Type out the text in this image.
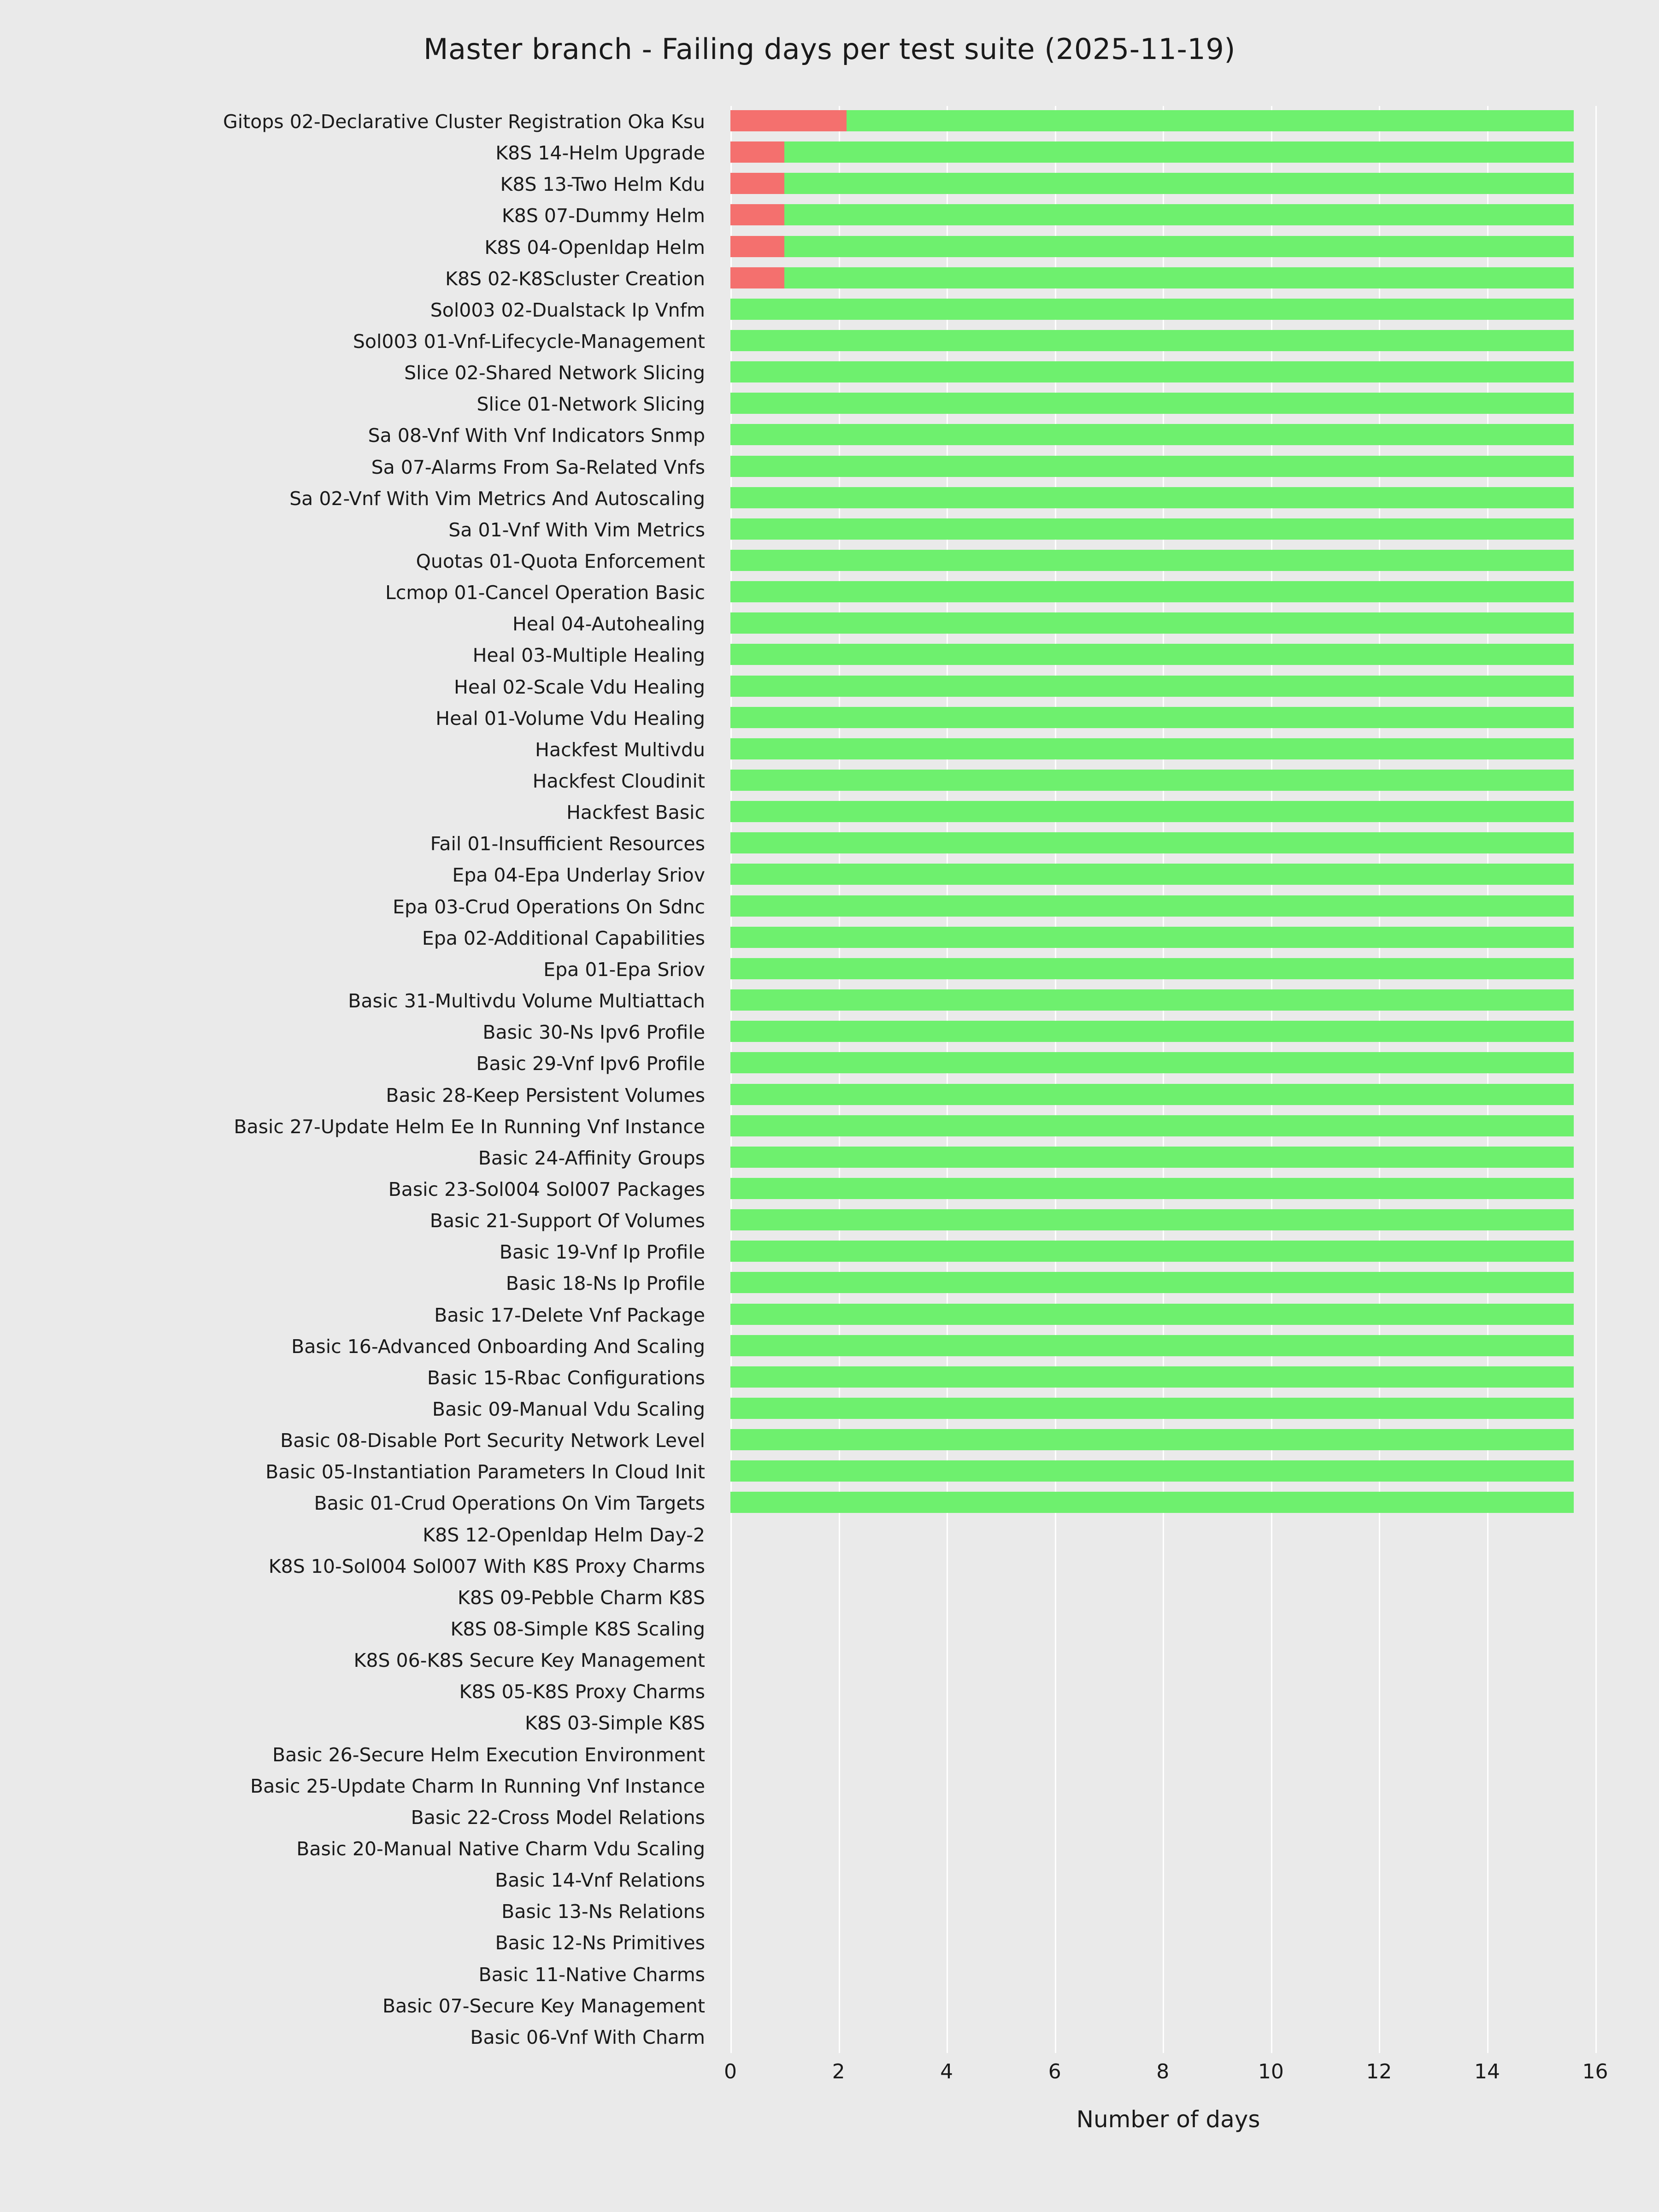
Master branch - Failing days per test suite (2025-11-19)
Gitops 02-Declarative Cluster Registration Oka Ksu
K8S 14-Helm Upgrade
K8S 13-Two Helm Kdu
K8S 07-Dummy Helm
K8S 04-Openldap Helm
K8S 02-K8Scluster Creation
Sol003 02-Dualstack Ip Vnfm
Sol003 01-Vnf-Lifecycle-Management
Slice 02-Shared Network Slicing
Slice 01-Network Slicing
Sa 08-Vnf With Vnf Indicators Snmp
Sa 07-Alarms From Sa-Related Vnfs
Sa 02-Vnf With Vim Metrics And Autoscaling
Sa 01-Vnf With Vim Metrics
Quotas 01-Quota Enforcement
Lcmop 01-Cancel Operation Basic
Heal 04-Autohealing
Heal 03-Multiple Healing
Heal 02-Scale Vdu Healing
Heal 01-Volume Vdu Healing
Hackfest Multivdu
Hackfest Cloudinit
Hackfest Basic
Fail 01-Insufficient Resources
Epa 04-Epa Underlay Sriov
Epa 03-Crud Operations On Sdnc
Epa 02-Additional Capabilities
Epa 01-Epa Sriov
Basic 31-Multivdu Volume Multiattach
Basic 30-Ns Ipv6 Profile
Basic 29-Vnf Ipv6 Profile
Basic 28-Keep Persistent Volumes
Basic 27-Update Helm Ee In Running Vnf Instance
Basic 24-Affinity Groups
Basic 23-Sol004 Sol007 Packages
Basic 21-Support Of Volumes
Basic 19-Vnf Ip Profile
Basic 18-Ns Ip Profile
Basic 17-Delete Vnf Package
Basic 16-Advanced Onboarding And Scaling
Basic 15-Rbac Configurations
Basic 09-Manual Vdu Scaling
Basic 08-Disable Port Security Network Level
Basic 05-Instantiation Parameters In Cloud Init
Basic 01-Crud Operations On Vim Targets
K8S 12-Openldap Helm Day-2
K8S 10-Sol004 Sol007 With K8S Proxy Charms
K8S 09-Pebble Charm K8S
K8S 08-Simple K8S Scaling
K8S 06-K8S Secure Key Management
K8S 05-K8S Proxy Charms
K8S 03-Simple K8S
Basic 26-Secure Helm Execution Environment
Basic 25-Update Charm In Running Vnf Instance
Basic 22-Cross Model Relations
Basic 20-Manual Native Charm Vdu Scaling
Basic 14-Vnf Relations
Basic 13-Ns Relations
Basic 12-Ns Primitives
Basic 11-Native Charms
Basic 07-Secure Key Management
Basic 06-Vnf With Charm
0	2	4	6	8	10	12	14	16
Number of days
